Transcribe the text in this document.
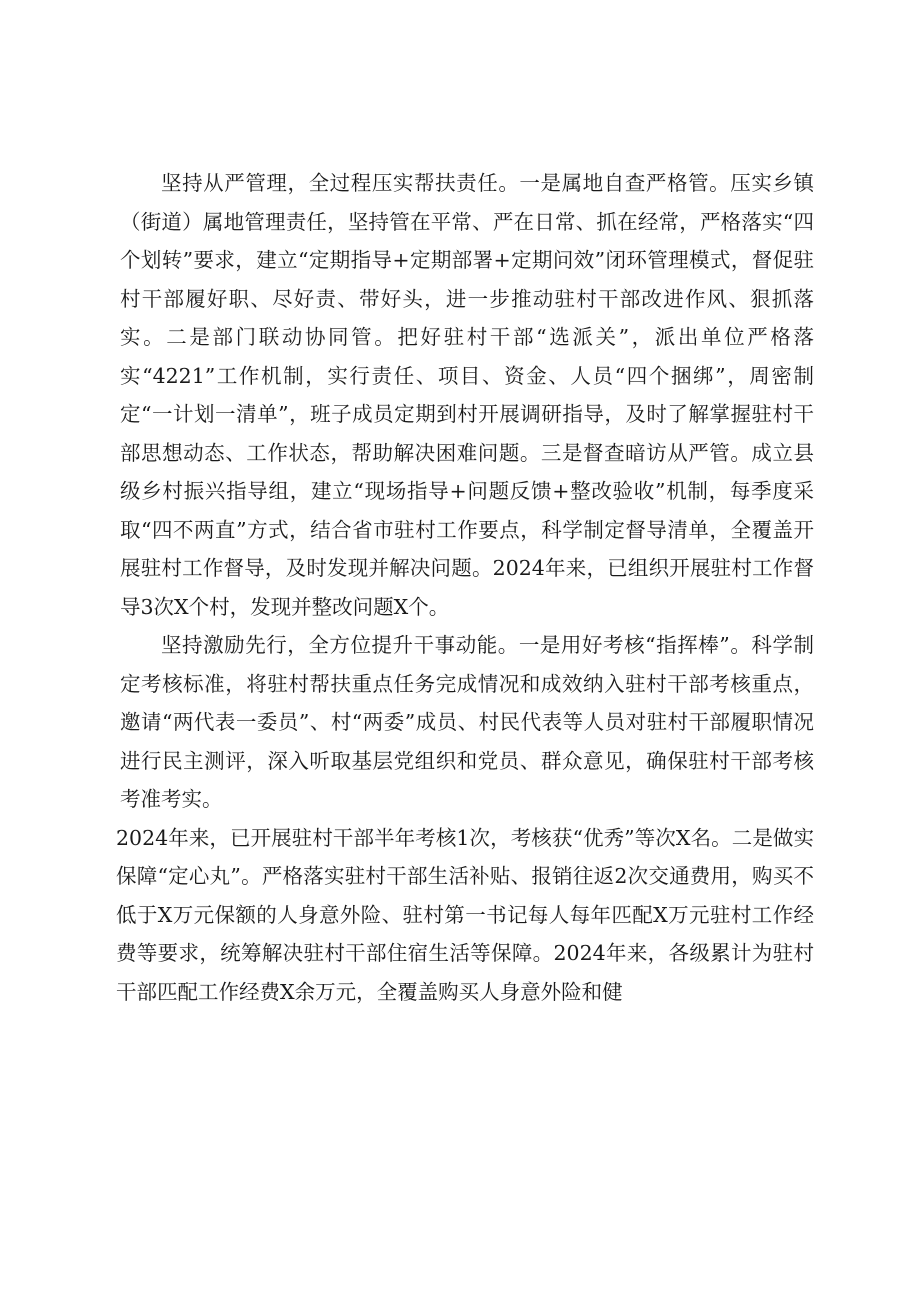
坚持从严管理，全过程压实帮扶责任。一是属地自查严格管。压实乡镇（街道）属地管理责任，坚持管在平常、严在日常、抓在经常，严格落实“四个划转”要求，建立“定期指导+定期部署+定期问效”闭环管理模式，督促驻村干部履好职、尽好责、带好头，进一步推动驻村干部改进作风、狠抓落实。二是部门联动协同管。把好驻村干部“选派关”，派出单位严格落实“4221”工作机制，实行责任、项目、资金、人员“四个捆绑”，周密制定“一计划一清单”，班子成员定期到村开展调研指导，及时了解掌握驻村干部思想动态、工作状态，帮助解决困难问题。三是督查暗访从严管。成立县级乡村振兴指导组，建立“现场指导+问题反馈+整改验收”机制，每季度采取“四不两直”方式，结合省市驻村工作要点，科学制定督导清单，全覆盖开展驻村工作督导，及时发现并解决问题。2024年来，已组织开展驻村工作督导3次X个村，发现并整改问题X个。

坚持激励先行，全方位提升干事动能。一是用好考核“指挥棒”。科学制定考核标准，将驻村帮扶重点任务完成情况和成效纳入驻村干部考核重点，邀请“两代表一委员”、村“两委”成员、村民代表等人员对驻村干部履职情况进行民主测评，深入听取基层党组织和党员、群众意见，确保驻村干部考核考准考实。

2024年来，已开展驻村干部半年考核1次，考核获“优秀”等次X名。二是做实保障“定心丸”。严格落实驻村干部生活补贴、报销往返2次交通费用，购买不低于X万元保额的人身意外险、驻村第一书记每人每年匹配X万元驻村工作经费等要求，统筹解决驻村干部住宿生活等保障。2024年来，各级累计为驻村干部匹配工作经费X余万元，全覆盖购买人身意外险和健
